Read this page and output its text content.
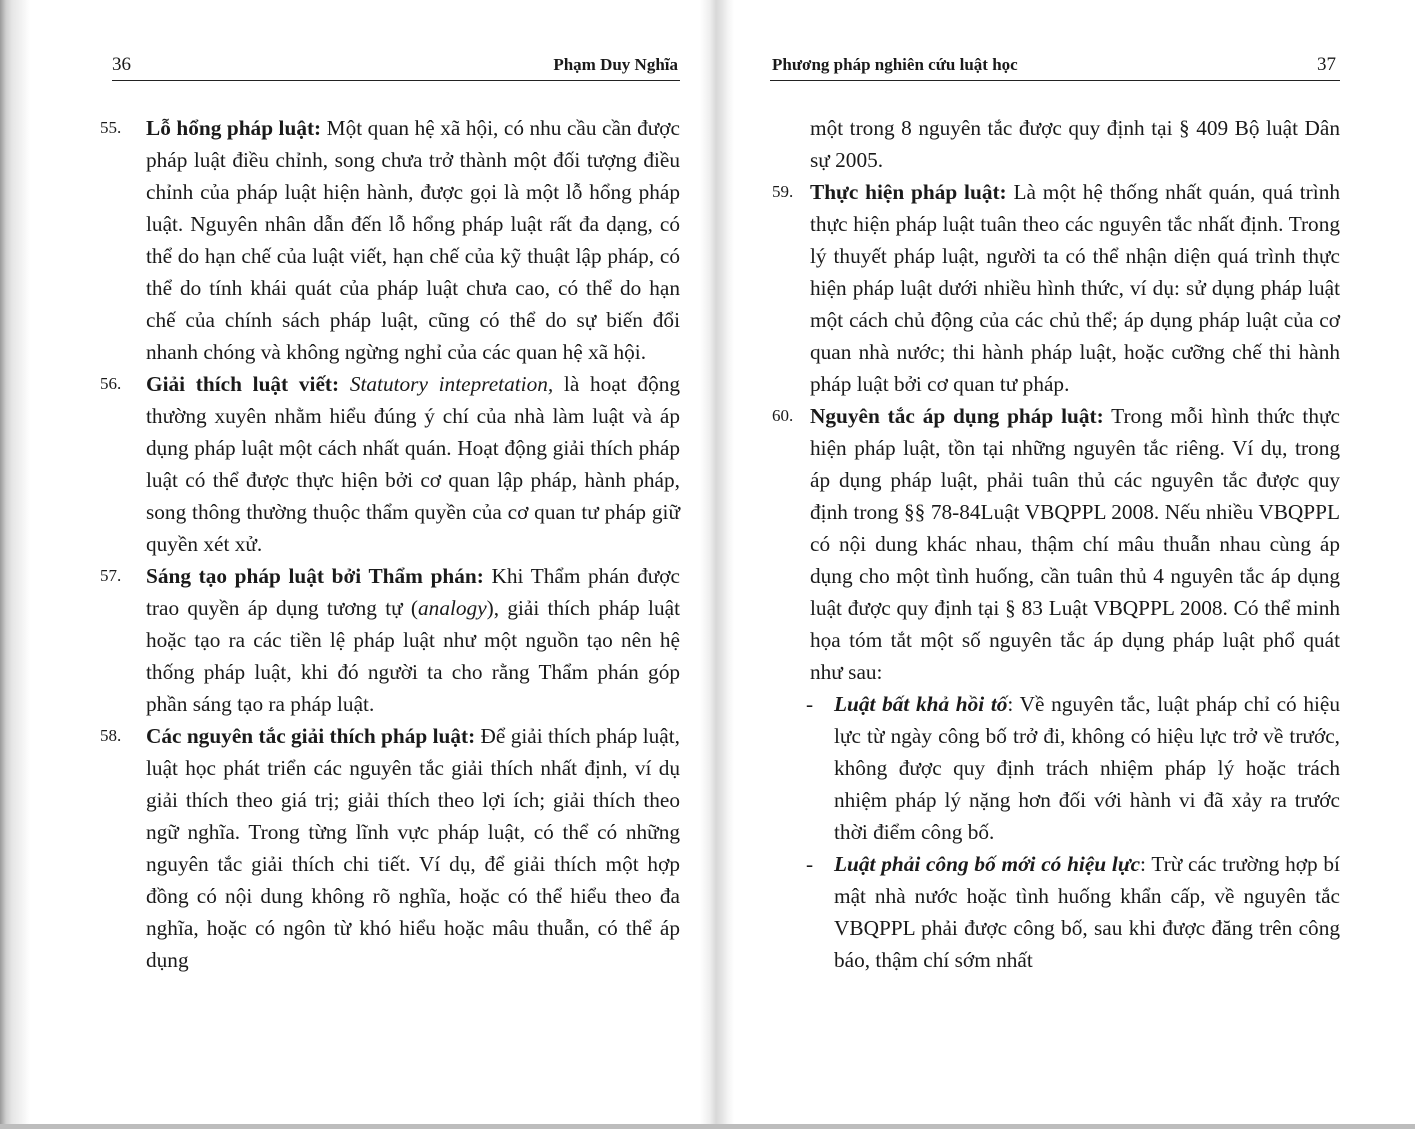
36	Phạm Duy Nghĩa
55. Lỗ hổng pháp luật: Một quan hệ xã hội, có nhu cầu cần được pháp luật điều chỉnh, song chưa trở thành một đối tượng điều chỉnh của pháp luật hiện hành, được gọi là một lỗ hổng pháp luật. Nguyên nhân dẫn đến lỗ hổng pháp luật rất đa dạng, có thể do hạn chế của luật viết, hạn chế của kỹ thuật lập pháp, có thể do tính khái quát của pháp luật chưa cao, có thể do hạn chế của chính sách pháp luật, cũng có thể do sự biến đổi nhanh chóng và không ngừng nghỉ của các quan hệ xã hội.
56. Giải thích luật viết: Statutory intepretation, là hoạt động thường xuyên nhằm hiểu đúng ý chí của nhà làm luật và áp dụng pháp luật một cách nhất quán. Hoạt động giải thích pháp luật có thể được thực hiện bởi cơ quan lập pháp, hành pháp, song thông thường thuộc thẩm quyền của cơ quan tư pháp giữ quyền xét xử.
57. Sáng tạo pháp luật bởi Thẩm phán: Khi Thẩm phán được trao quyền áp dụng tương tự (analogy), giải thích pháp luật hoặc tạo ra các tiền lệ pháp luật như một nguồn tạo nên hệ thống pháp luật, khi đó người ta cho rằng Thẩm phán góp phần sáng tạo ra pháp luật.
58. Các nguyên tắc giải thích pháp luật: Để giải thích pháp luật, luật học phát triển các nguyên tắc giải thích nhất định, ví dụ giải thích theo giá trị; giải thích theo lợi ích; giải thích theo ngữ nghĩa. Trong từng lĩnh vực pháp luật, có thể có những nguyên tắc giải thích chi tiết. Ví dụ, để giải thích một hợp đồng có nội dung không rõ nghĩa, hoặc có thể hiểu theo đa nghĩa, hoặc có ngôn từ khó hiểu hoặc mâu thuẫn, có thể áp dụng
Phương pháp nghiên cứu luật học	37
một trong 8 nguyên tắc được quy định tại § 409 Bộ luật Dân sự 2005.
59. Thực hiện pháp luật: Là một hệ thống nhất quán, quá trình thực hiện pháp luật tuân theo các nguyên tắc nhất định. Trong lý thuyết pháp luật, người ta có thể nhận diện quá trình thực hiện pháp luật dưới nhiều hình thức, ví dụ: sử dụng pháp luật một cách chủ động của các chủ thể; áp dụng pháp luật của cơ quan nhà nước; thi hành pháp luật, hoặc cưỡng chế thi hành pháp luật bởi cơ quan tư pháp.
60. Nguyên tắc áp dụng pháp luật: Trong mỗi hình thức thực hiện pháp luật, tồn tại những nguyên tắc riêng. Ví dụ, trong áp dụng pháp luật, phải tuân thủ các nguyên tắc được quy định trong §§ 78-84Luật VBQPPL 2008. Nếu nhiều VBQPPL có nội dung khác nhau, thậm chí mâu thuẫn nhau cùng áp dụng cho một tình huống, cần tuân thủ 4 nguyên tắc áp dụng luật được quy định tại § 83 Luật VBQPPL 2008. Có thể minh họa tóm tắt một số nguyên tắc áp dụng pháp luật phổ quát như sau:
- Luật bất khả hồi tố: Về nguyên tắc, luật pháp chỉ có hiệu lực từ ngày công bố trở đi, không có hiệu lực trở về trước, không được quy định trách nhiệm pháp lý hoặc trách nhiệm pháp lý nặng hơn đối với hành vi đã xảy ra trước thời điểm công bố.
- Luật phải công bố mới có hiệu lực: Trừ các trường hợp bí mật nhà nước hoặc tình huống khẩn cấp, về nguyên tắc VBQPPL phải được công bố, sau khi được đăng trên công báo, thậm chí sớm nhất
